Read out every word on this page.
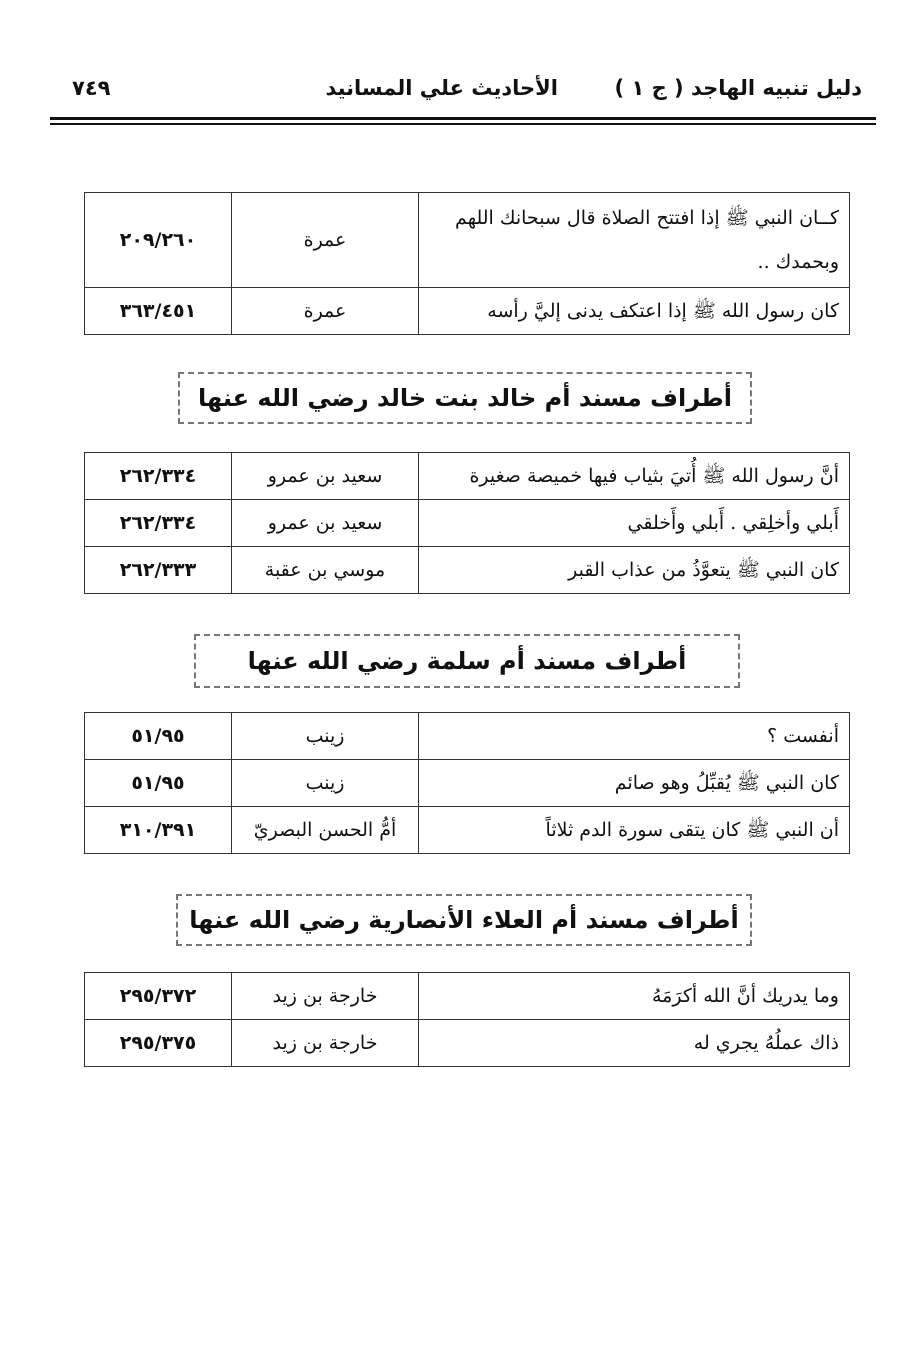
دليل تنبيه الهاجد ( ج ١ )
الأحاديث علي المسانيد
٧٤٩
كــان النبي ﷺ إذا افتتح الصلاة قال سبحانك اللهم وبحمدك ..	عمرة	٢٠٩/٢٦٠
كان رسول الله ﷺ إذا اعتكف يدنى إليَّ رأسه	عمرة	٣٦٣/٤٥١
أطراف مسند أم خالد بنت خالد رضي الله عنها
أنَّ رسول الله ﷺ أُتيَ بثياب فيها خميصة صغيرة	سعيد بن عمرو	٢٦٢/٣٣٤
أَبلي وأخلِقي . أَبلي وأَخلقي	سعيد بن عمرو	٢٦٢/٣٣٤
كان النبي ﷺ يتعوَّذُ من عذاب القبر	موسي بن عقبة	٢٦٢/٣٣٣
أطراف مسند أم سلمة رضي الله عنها
أنفست ؟	زينب	٥١/٩٥
كان النبي ﷺ يُقبِّلُ وهو صائم	زينب	٥١/٩٥
أن النبي ﷺ كان يتقى سورة الدم ثلاثاً	أمُّ الحسن البصريّ	٣١٠/٣٩١
أطراف مسند أم العلاء الأنصارية رضي الله عنها
وما يدريك أنَّ الله أكرَمَهُ	خارجة بن زيد	٢٩٥/٣٧٢
ذاك عملُهُ يجري له	خارجة بن زيد	٢٩٥/٣٧٥
